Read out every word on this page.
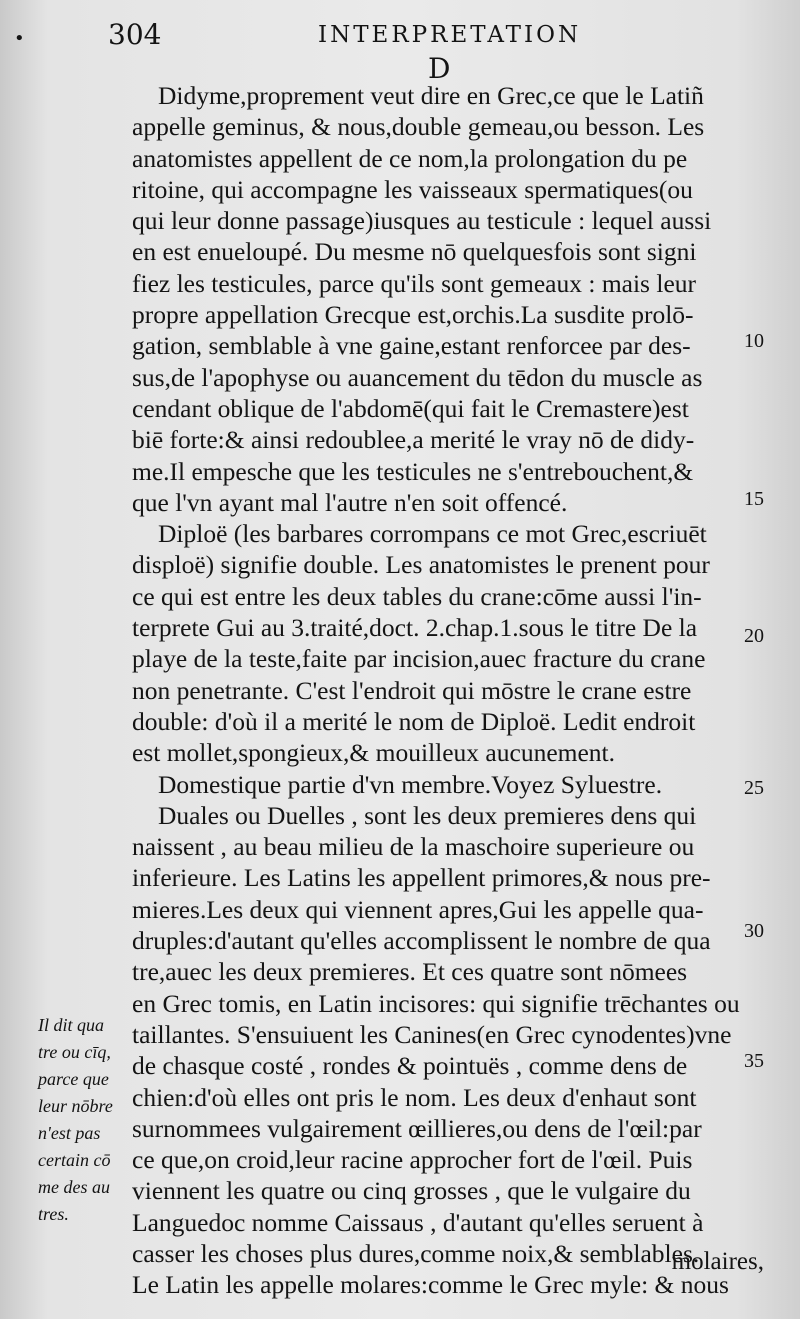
•	304	INTERPRETATION
D
Didyme,proprement veut dire en Grec,ce que le Latiñ
appelle geminus, & nous,double gemeau,ou besson. Les
anatomistes appellent de ce nom,la prolongation du pe
ritoine, qui accompagne les vaisseaux spermatiques(ou
qui leur donne passage)iusques au testicule : lequel aussi
en est enueloupé. Du mesme nō quelquesfois sont signi
fiez les testicules, parce qu'ils sont gemeaux : mais leur
propre appellation Grecque est,orchis.La susdite prolō-
gation, semblable à vne gaine,estant renforcee par des-
sus,de l'apophyse ou auancement du tēdon du muscle as
cendant oblique de l'abdomē(qui fait le Cremastere)est
biē forte:& ainsi redoublee,a merité le vray nō de didy-
me.Il empesche que les testicules ne s'entrebouchent,&
que l'vn ayant mal l'autre n'en soit offencé.
Diploë (les barbares corrompans ce mot Grec,escriuēt
disploë) signifie double. Les anatomistes le prenent pour
ce qui est entre les deux tables du crane:cōme aussi l'in-
terprete Gui au 3.traité,doct. 2.chap.1.sous le titre De la
playe de la teste,faite par incision,auec fracture du crane
non penetrante. C'est l'endroit qui mōstre le crane estre
double: d'où il a merité le nom de Diploë. Ledit endroit
est mollet,spongieux,& mouilleux aucunement.
Domestique partie d'vn membre.Voyez Syluestre.
Duales ou Duelles , sont les deux premieres dens qui
naissent , au beau milieu de la maschoire superieure ou
inferieure. Les Latins les appellent primores,& nous pre-
mieres.Les deux qui viennent apres,Gui les appelle qua-
druples:d'autant qu'elles accomplissent le nombre de qua
tre,auec les deux premieres. Et ces quatre sont nōmees
en Grec tomis, en Latin incisores: qui signifie trēchantes ou
taillantes. S'ensuiuent les Canines(en Grec cynodentes)vne
de chasque costé , rondes & pointuës , comme dens de
chien:d'où elles ont pris le nom. Les deux d'enhaut sont
surnommees vulgairement œillieres,ou dens de l'œil:par
ce que,on croid,leur racine approcher fort de l'œil. Puis
viennent les quatre ou cinq grosses , que le vulgaire du
Languedoc nomme Caissaus , d'autant qu'elles seruent à
casser les choses plus dures,comme noix,& semblables.
Le Latin les appelle molares:comme le Grec myle: & nous
10
15
20
25
30
35
Il dit qua
tre ou cīq,
parce que
leur nōbre
n'est pas
certain cō
me des au
tres.
molaires,
